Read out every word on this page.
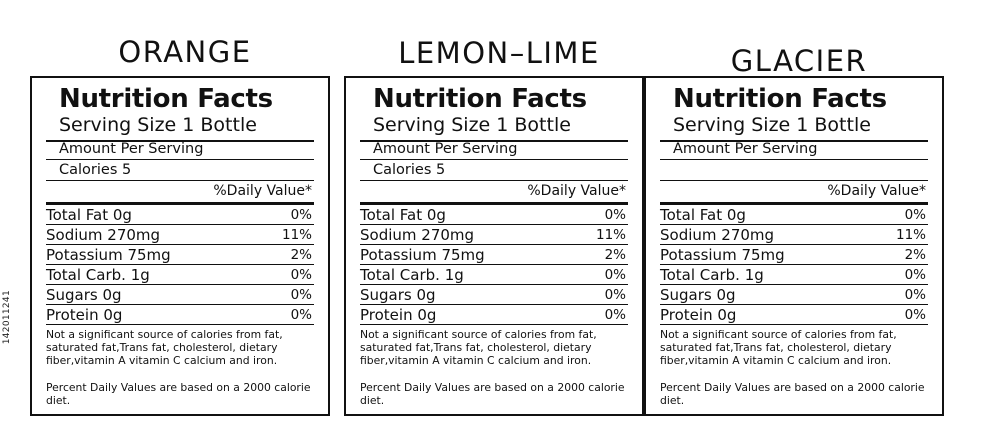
142011241
ORANGE
Nutrition Facts
Serving Size 1 Bottle
Amount Per Serving
Calories 5
%Daily Value*
Total Fat 0g	0%
Sodium 270mg	11%
Potassium 75mg	2%
Total Carb. 1g	0%
Sugars 0g	0%
Protein 0g	0%
Not a significant source of calories from fat, saturated fat,Trans fat, cholesterol, dietary fiber,vitamin A vitamin C calcium and iron.
Percent Daily Values are based on a 2000 calorie diet.
LEMON–LIME
Nutrition Facts
Serving Size 1 Bottle
Amount Per Serving
Calories 5
%Daily Value*
Total Fat 0g	0%
Sodium 270mg	11%
Potassium 75mg	2%
Total Carb. 1g	0%
Sugars 0g	0%
Protein 0g	0%
Not a significant source of calories from fat, saturated fat,Trans fat, cholesterol, dietary fiber,vitamin A vitamin C calcium and iron.
Percent Daily Values are based on a 2000 calorie diet.
GLACIER
Nutrition Facts
Serving Size 1 Bottle
Amount Per Serving
%Daily Value*
Total Fat 0g	0%
Sodium 270mg	11%
Potassium 75mg	2%
Total Carb. 1g	0%
Sugars 0g	0%
Protein 0g	0%
Not a significant source of calories from fat, saturated fat,Trans fat, cholesterol, dietary fiber,vitamin A vitamin C calcium and iron.
Percent Daily Values are based on a 2000 calorie diet.
